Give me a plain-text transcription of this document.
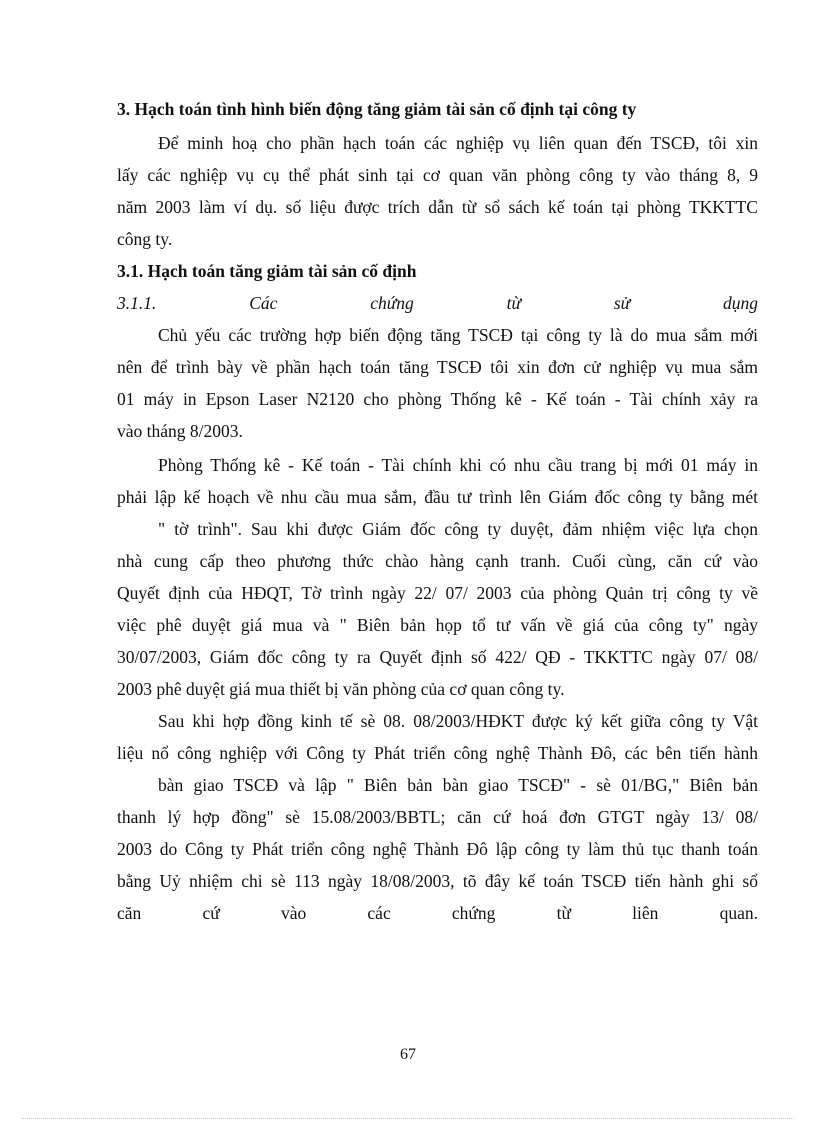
3. Hạch toán tình hình biến động tăng giảm tài sản cố định tại công ty
Để minh hoạ cho phần hạch toán các nghiệp vụ liên quan đến TSCĐ, tôi xin
lấy các nghiệp vụ cụ thể phát sinh tại cơ quan văn phòng công ty vào tháng 8, 9
năm 2003 làm ví dụ. số liệu được trích dẫn từ sổ sách kế toán tại phòng TKKTTC
công ty.
3.1. Hạch toán tăng giảm tài sản cố định
3.1.1.	Các	chứng	từ	sử	dụng
Chủ yếu các trường hợp biến động tăng TSCĐ tại công ty là do mua sắm mới
nên để trình bày về phần hạch toán tăng TSCĐ tôi xin đơn cử nghiệp vụ mua sắm
01 máy in Epson Laser N2120 cho phòng Thống kê - Kế toán - Tài chính xảy ra
vào tháng 8/2003.
Phòng Thống kê - Kế toán - Tài chính khi có nhu cầu trang bị mới 01 máy in
phải lập kế hoạch về nhu cầu mua sắm, đầu tư trình lên Giám đốc công ty bằng mét
" tờ trình". Sau khi được Giám đốc công ty duyệt, đảm nhiệm việc lựa chọn
nhà cung cấp theo phương thức chào hàng cạnh tranh. Cuối cùng, căn cứ vào
Quyết định của HĐQT, Tờ trình ngày 22/ 07/ 2003 của phòng Quản trị công ty về
việc phê duyệt giá mua và " Biên bản họp tổ tư vấn về giá của công ty" ngày
30/07/2003, Giám đốc công ty ra Quyết định số 422/ QĐ - TKKTTC ngày 07/ 08/
2003 phê duyệt giá mua thiết bị văn phòng của cơ quan công ty.
Sau khi hợp đồng kinh tế sè 08. 08/2003/HĐKT được ký kết giữa công ty Vật
liệu nổ công nghiệp với Công ty Phát triển công nghệ Thành Đô, các bên tiến hành
bàn giao TSCĐ và lập " Biên bản bàn giao TSCĐ" - sè 01/BG," Biên bản
thanh lý hợp đồng" sè 15.08/2003/BBTL; căn cứ hoá đơn GTGT ngày 13/ 08/
2003 do Công ty Phát triển công nghệ Thành Đô lập công ty làm thủ tục thanh toán
bằng Uỷ nhiệm chi sè 113 ngày 18/08/2003, tõ đây kế toán TSCĐ tiến hành ghi sổ
căn	cứ	vào	các	chứng	từ	liên	quan.
67
